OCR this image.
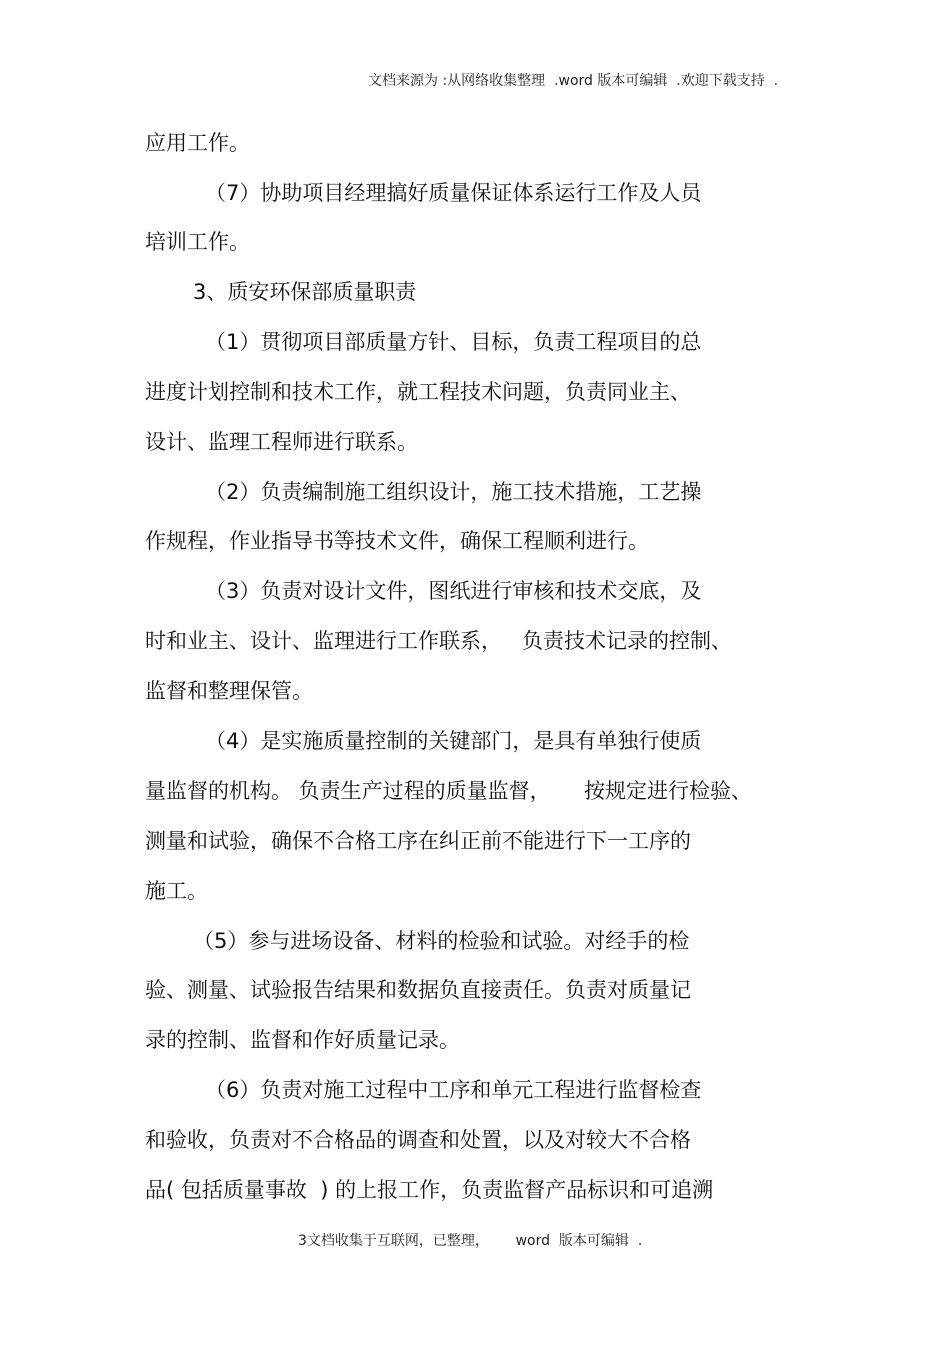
文档来源为 :从网络收集整理  .word 版本可编辑  .欢迎下载支持  .
应用工作。
（7）协助项目经理搞好质量保证体系运行工作及人员
培训工作。
3、质安环保部质量职责
（1）贯彻项目部质量方针、目标，负责工程项目的总
进度计划控制和技术工作，就工程技术问题，负责同业主、
设计、监理工程师进行联系。
（2）负责编制施工组织设计，施工技术措施，工艺操
作规程，作业指导书等技术文件，确保工程顺利进行。
（3）负责对设计文件，图纸进行审核和技术交底，及
时和业主、设计、监理进行工作联系，   负责技术记录的控制、
监督和整理保管。
（4）是实施质量控制的关键部门，是具有单独行使质
量监督的机构。 负责生产过程的质量监督，     按规定进行检验、
测量和试验，确保不合格工序在纠正前不能进行下一工序的
施工。
（5）参与进场设备、材料的检验和试验。对经手的检
验、测量、试验报告结果和数据负直接责任。负责对质量记
录的控制、监督和作好质量记录。
（6）负责对施工过程中工序和单元工程进行监督检查
和验收，负责对不合格品的调查和处置，以及对较大不合格
品( 包括质量事故  ) 的上报工作，负责监督产品标识和可追溯
3文档收集于互联网，已整理，      word  版本可编辑  .
